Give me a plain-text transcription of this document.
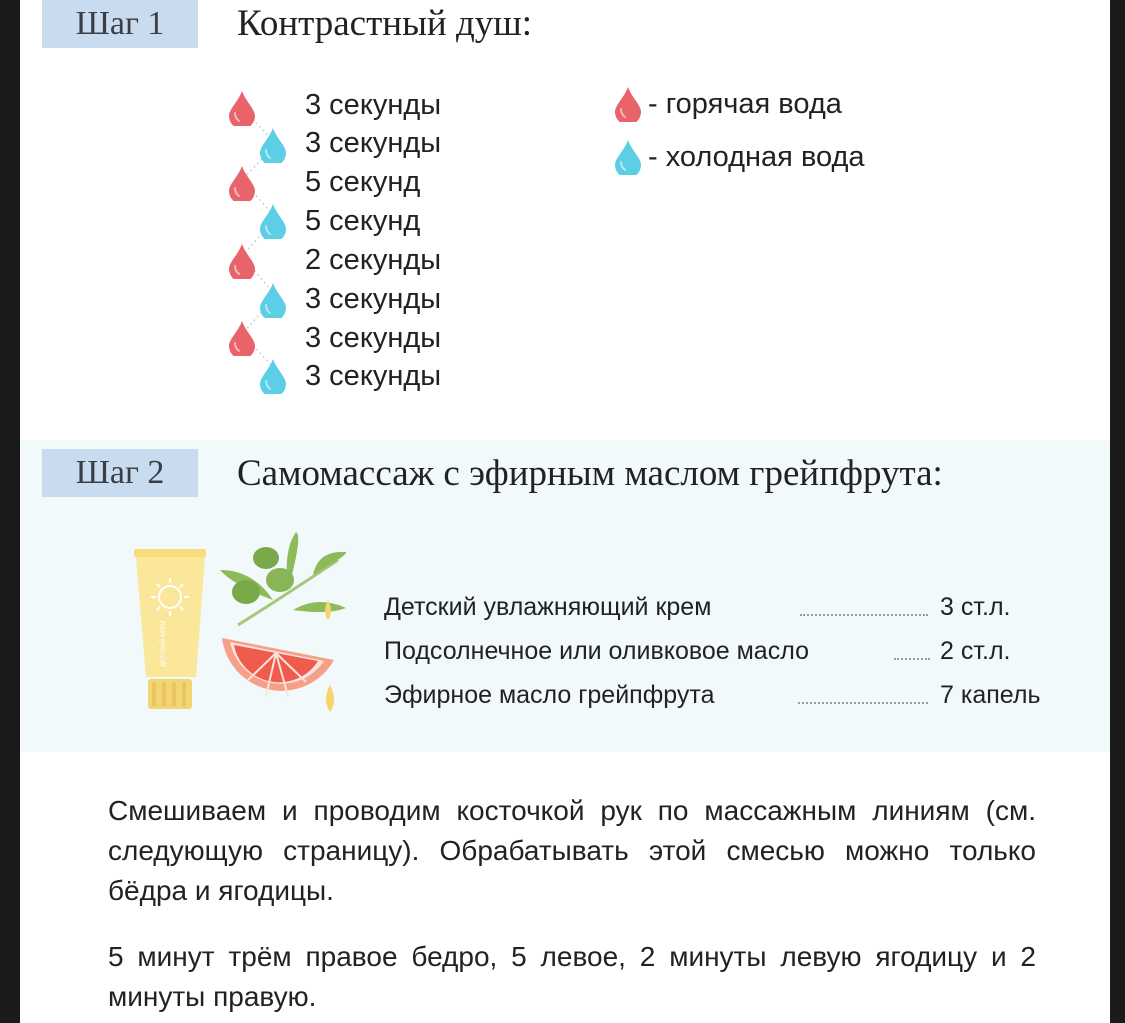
Шаг 1	Контрастный душ:
3 секунды
3 секунды
5 секунд
5 секунд
2 секунды
3 секунды
3 секунды
3 секунды
- горячая вода
- холодная вода
Шаг 2	Самомассаж с эфирным маслом грейпфрута:
ДЕТСКИЙ КРЕМ
Детский увлажняющий крем	3 ст.л.
Подсолнечное или оливковое масло	2 ст.л.
Эфирное масло грейпфрута	7 капель
Смешиваем и проводим косточкой рук по массажным линиям (см. следующую страницу). Обрабатывать этой смесью можно только бёдра и ягодицы.
5 минут трём правое бедро, 5 левое, 2 минуты левую ягодицу и 2 минуты правую.
